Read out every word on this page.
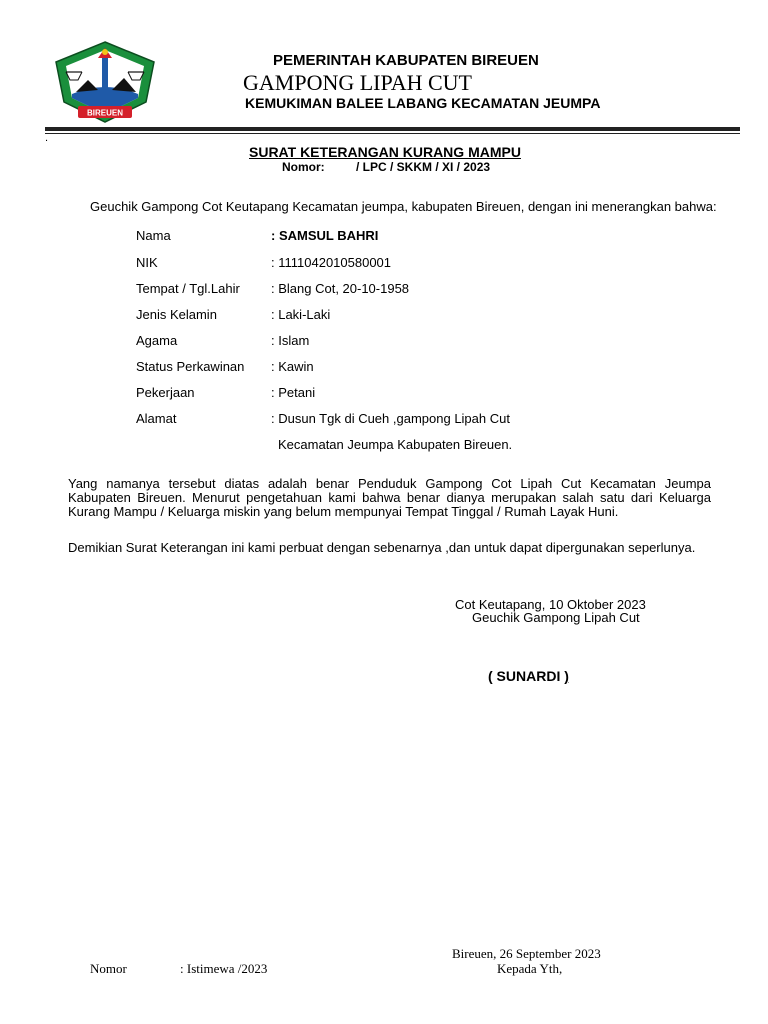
BIREUEN
PEMERINTAH KABUPATEN BIREUEN
GAMPONG LIPAH CUT
KEMUKIMAN BALEE LABANG KECAMATAN JEUMPA
.
SURAT KETERANGAN KURANG MAMPU
Nomor:	/ LPC / SKKM / XI / 2023
Geuchik Gampong Cot Keutapang Kecamatan jeumpa, kabupaten Bireuen, dengan ini menerangkan bahwa:
Nama	: SAMSUL BAHRI
NIK	: 1111042010580001
Tempat / Tgl.Lahir : Blang Cot, 20-10-1958
Jenis Kelamin	: Laki-Laki
Agama	: Islam
Status Perkawinan : Kawin
Pekerjaan	: Petani
Alamat	: Dusun Tgk di Cueh ,gampong Lipah Cut
Kecamatan Jeumpa Kabupaten Bireuen.
Yang namanya tersebut diatas adalah benar Penduduk Gampong Cot Lipah Cut Kecamatan Jeumpa Kabupaten Bireuen. Menurut pengetahuan kami bahwa benar dianya merupakan salah satu dari Keluarga Kurang Mampu / Keluarga miskin yang belum mempunyai Tempat Tinggal / Rumah Layak Huni.
Demikian Surat Keterangan ini kami perbuat dengan sebenarnya ,dan untuk dapat dipergunakan seperlunya.
Cot Keutapang, 10 Oktober 2023
Geuchik Gampong Lipah Cut
( SUNARDI )
Bireuen, 26 September 2023
Nomor	: Istimewa /2023	Kepada Yth,
